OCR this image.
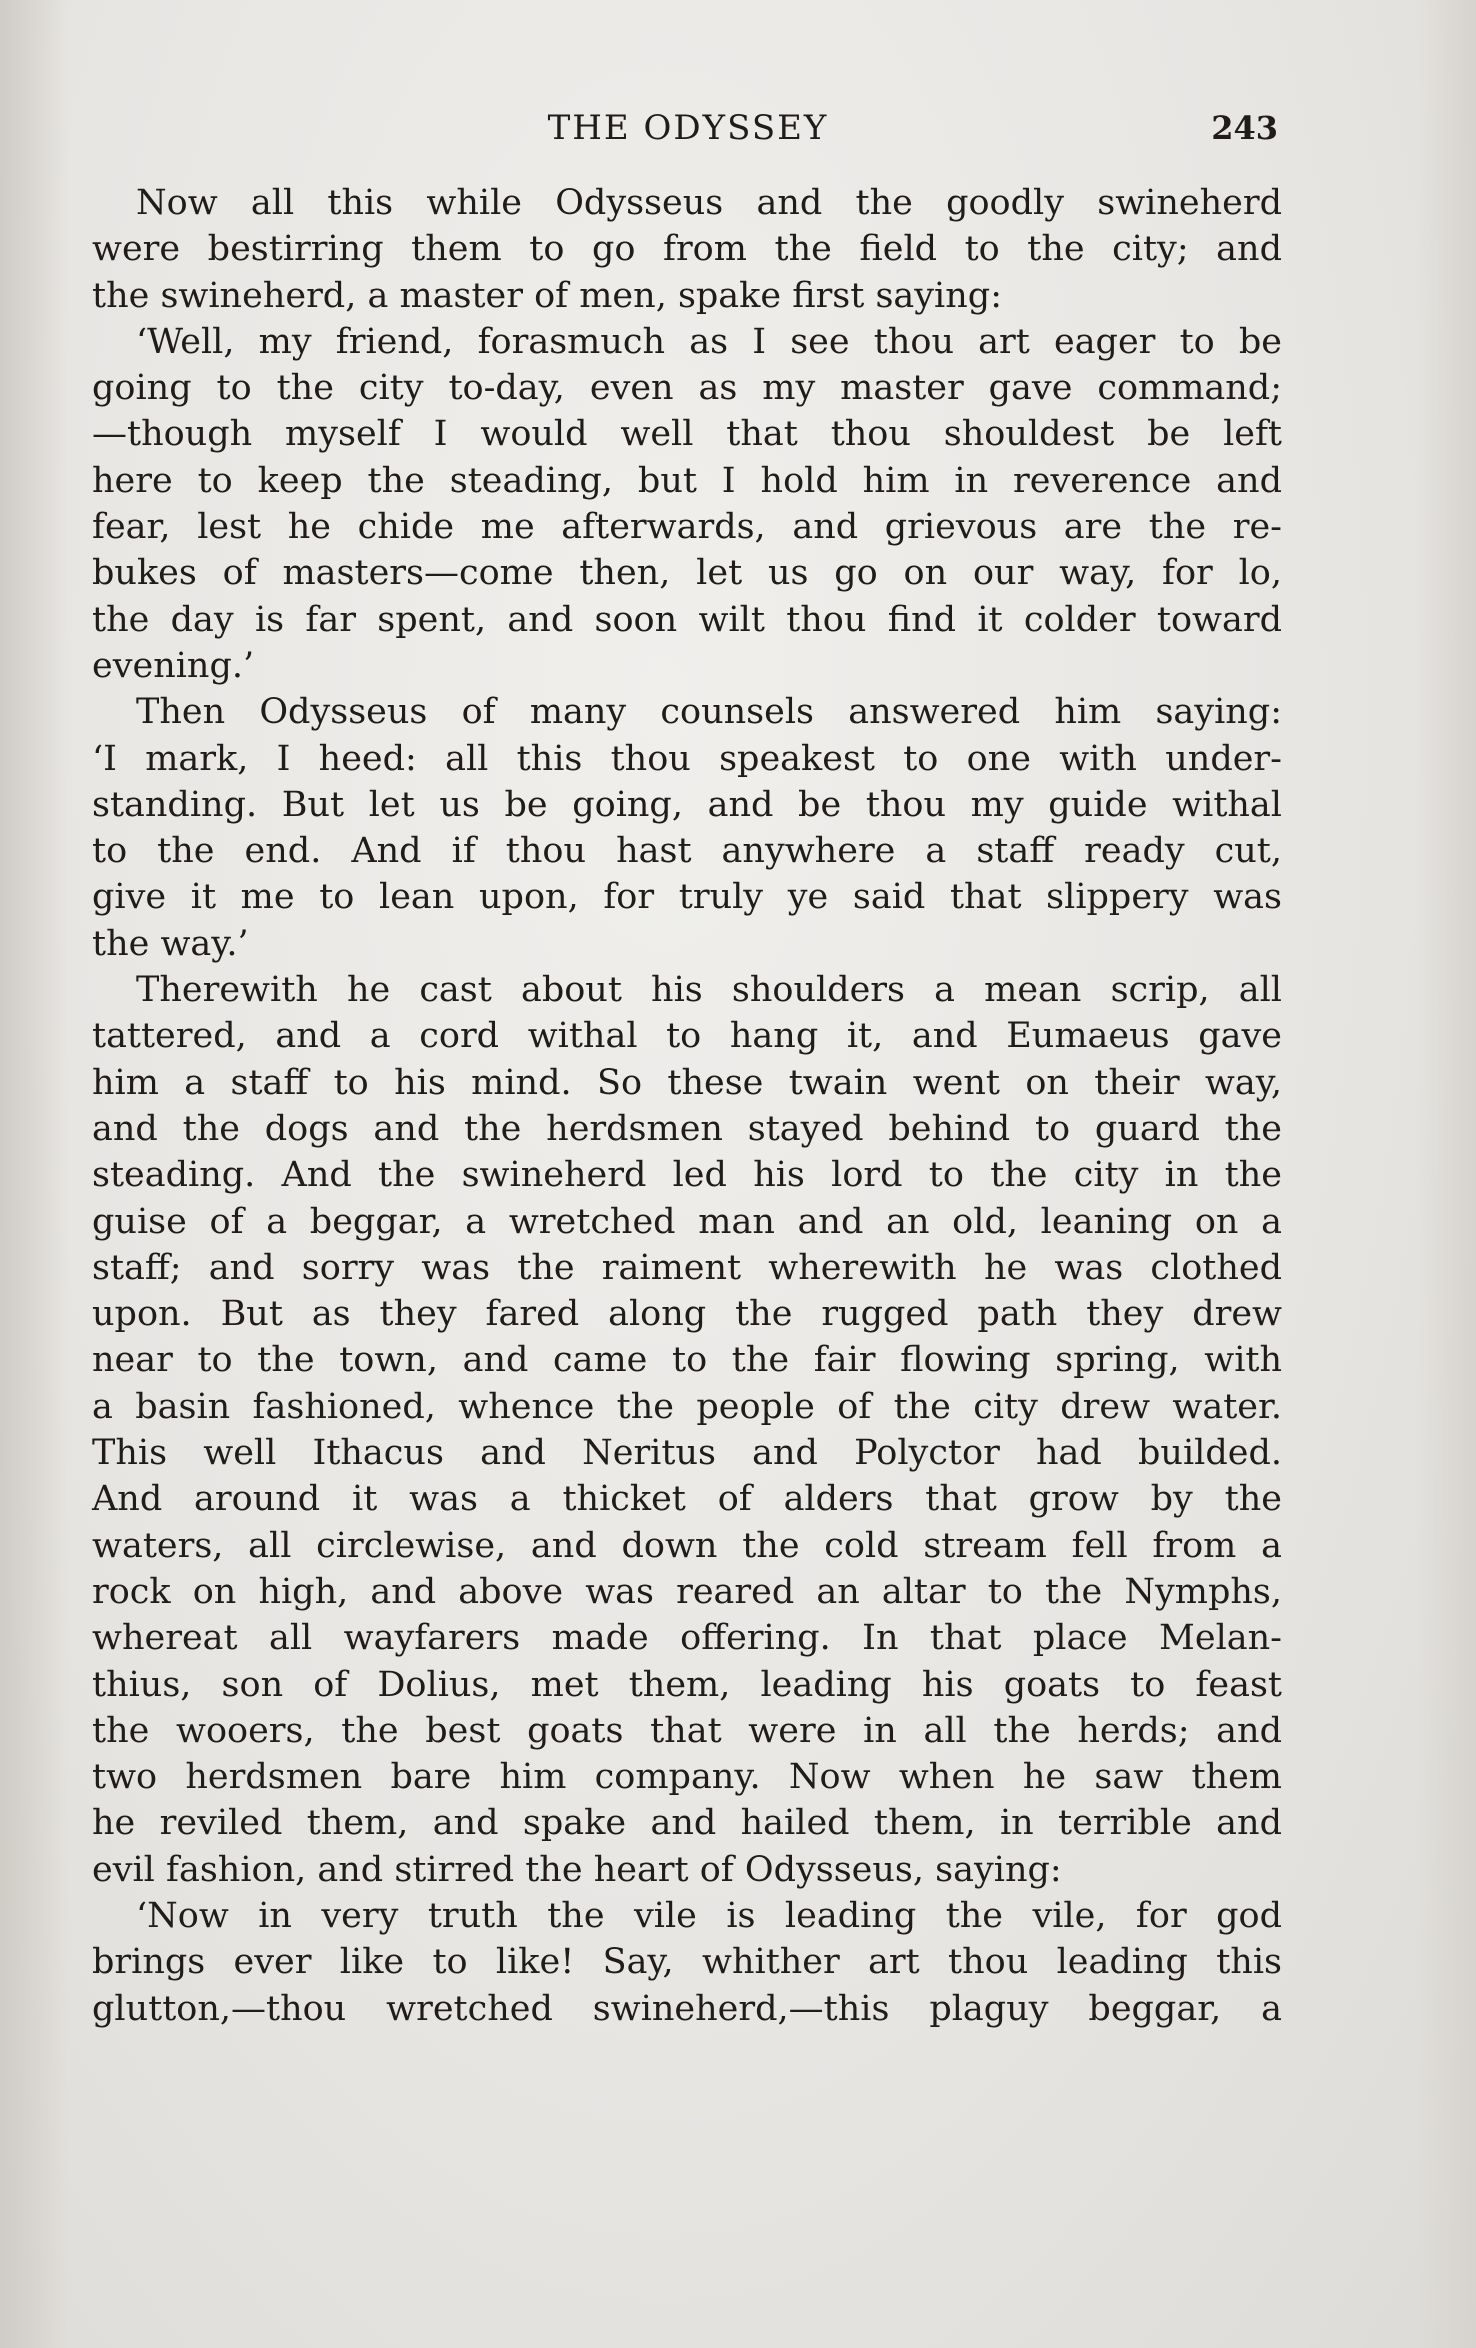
THE ODYSSEY	243
Now all this while Odysseus and the goodly swineherd
were bestirring them to go from the field to the city; and
the swineherd, a master of men, spake first saying:
‘Well, my friend, forasmuch as I see thou art eager to be
going to the city to-day, even as my master gave command;
—though myself I would well that thou shouldest be left
here to keep the steading, but I hold him in reverence and
fear, lest he chide me afterwards, and grievous are the re-
bukes of masters—come then, let us go on our way, for lo,
the day is far spent, and soon wilt thou find it colder toward
evening.’
Then Odysseus of many counsels answered him saying:
‘I mark, I heed: all this thou speakest to one with under-
standing. But let us be going, and be thou my guide withal
to the end. And if thou hast anywhere a staff ready cut,
give it me to lean upon, for truly ye said that slippery was
the way.’
Therewith he cast about his shoulders a mean scrip, all
tattered, and a cord withal to hang it, and Eumaeus gave
him a staff to his mind. So these twain went on their way,
and the dogs and the herdsmen stayed behind to guard the
steading. And the swineherd led his lord to the city in the
guise of a beggar, a wretched man and an old, leaning on a
staff; and sorry was the raiment wherewith he was clothed
upon. But as they fared along the rugged path they drew
near to the town, and came to the fair flowing spring, with
a basin fashioned, whence the people of the city drew water.
This well Ithacus and Neritus and Polyctor had builded.
And around it was a thicket of alders that grow by the
waters, all circlewise, and down the cold stream fell from a
rock on high, and above was reared an altar to the Nymphs,
whereat all wayfarers made offering. In that place Melan-
thius, son of Dolius, met them, leading his goats to feast
the wooers, the best goats that were in all the herds; and
two herdsmen bare him company. Now when he saw them
he reviled them, and spake and hailed them, in terrible and
evil fashion, and stirred the heart of Odysseus, saying:
‘Now in very truth the vile is leading the vile, for god
brings ever like to like! Say, whither art thou leading this
glutton,—thou wretched swineherd,—this plaguy beggar, a
